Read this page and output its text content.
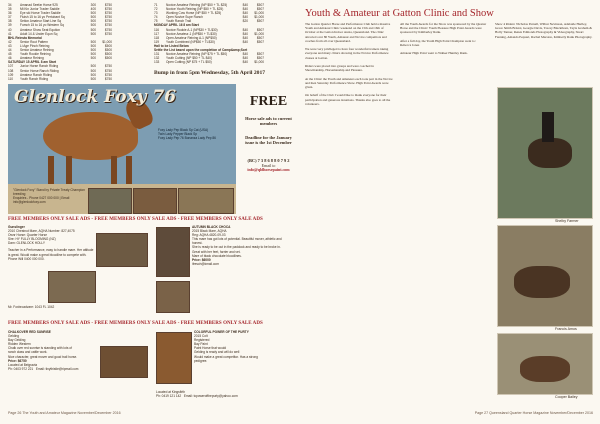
34	Amanad Seefar Horse 925	300	$750
35	Mt Kin Junior Trader Saddle	400	$750
36	Eye ski Horse Trader Saddle	500	$750
37	Fluish 15 to 16 yo Pertubant Sq	500	$750
38	Setion Amateur Start Line Sq	500	$750
39	Fumch 15 to 16 yo Western Sq	500	$750
40	Amateur Show Seat Eqution	500	$750
41	Adult 14 & Under Equn Sq	500	$750
BHL Reinsta Memorial
42	Senior Rout Pattern	500	$1,000
43	Li Age Pinch Reining	500	$500
44	Senior Amateur Reining	500	$500
45	Youth Rookie Reining	500	$500
46	Amateur Reining	500	$500
SATURDAY 15 APRIL 8 am Start
107	Junior Horse Ranch Riding	500	$750
108	Senior Horse Ranch Riding	500	$750
109	Amateur Ranch Riding	500	$750
110	Youth Ranch Riding	500	$750
71	Novice Amateur Reining (NP $50 + TL $25)	$40	$507
72	Novice Youth Reining (NP $50 + TL $25)	$40	$507
73	Working Cow Horse (NP $50 + TL $25)	$40	$1,000
74	Open Novice Supe Ranch	$40	$1,000
75	Youth Ranch Trail	$20	$507
MONDAY APRIL 16 8 am Start
116	Novice Rookie A-1 (NP$30 + TL$30)	$40	$507
117	Novice Amateur-1 (NP$50 + TL$30)	$40	$1,000
118	Open Amateur Reining A-1 (NP$50)	$40	$507
119	Youth Combined (NP$50 + TL$30)	$40	$507
Hall to be Listed Below
Settle the List based upon the completion of Camp&amp;Sort
131	Novice Amateur Reining (NP $75 + TL $50)	$40	$507
132	Youth Cutting (NP $50 + TL $40)	$40	$507
133	Open Cutting (NP $75 + TL $50)	$40	$1,000
Bump in from 5pm Wednesday, 5th April 2017
Glenlock Foxy 76
Foxy Lady Pep Black Sp Cat (USA)
Twin Lady Pepper Black Sp
Foxy Lady Pep 76 Bonanza Lady Pep 86
"Glenlock Foxy" Stand by Private Treaty Champion breeding
Enquiries - Phone 0427 000 000 | Email info@glenlockfoxy.com
FREE
Horse sale ads to current members
Deadline for the January issue is the 1st December
(BC) 7 3 8 6 8 8 0 7 9 2
Email to
info@qldhorsepaint.com
FREE MEMBERS ONLY SALE ADS - FREE MEMBERS ONLY SALE ADS - FREE MEMBERS ONLY SALE ADS
Gunslinger
2010 Chestnut Mare, AQHA Number: 827,4075
Ownr Horse: Quarter Horse
Sire: HY FULLY BLOOMING (NZ)
Dam: GLENLOCK HOLLY
Teacher in a Performance, easy to handle mare. Her attitude is great. Would make a great bloodline to compete with. Phone Will 0400 000 000.
Mr. Foxbroadvare: 1043 FL 1042
AUTUMN BLACK CHOCA
2015 Black Mare, AQHA
Reg: AQHA 4820-09-03
This mare has got lots of potential. Beautiful mover, athletic and honest.
She is ready to be out in the paddock and ready to be broke in.
Great with her feet, farrier and vet.
Mare of black chocolate bloodlines.
Price: $6000
ifresch@kmail.com
FREE MEMBERS ONLY SALE ADS - FREE MEMBERS ONLY SALE ADS - FREE MEMBERS ONLY SALE ADS
CHALKOVER RED SUNRISE
Gelding
Bay Gelding
Ridden Western
Chalk over red sunrise is standing with lots of
ranch class and cattle work.
Nice character, great mover and good trail horse.
Price: $6750
Located at Belgravia
Ph: 0403 972 221   Email: tinythistle@ripmail.com
COLORFUL POWER OF THE PURTY
2015 Colt
Registered
Bay Paint
Paint Horse that would
Gelding is ready and will do well
Would make a great competitor. Has a strong
pedigree.
Located at Kingsfirth
Ph: 0419 121 142   Email: tcpowerofthepurty@yahoo.com
Youth & Amateur at Gatton Clinic and Show
The Gatton Quarter Horse and Performance Club held a massive Youth and Amateur Clinic weekend on the 15th and 16th of October at the Gatton Indoor Arena, Queensland. The clinic attracted over 80 Youth, Amateur and Novice competitors and coaches from all over Queensland.

We were very privileged to have four wonderful trainers taking everyone and many clinics showing in the Novice Performance classes at Gatton.

Riders were placed into groups and were coached in Showmanship, Horsemanship and Pleasure.

At the Clinic the Youth and Amateurs each took part in the Novice and then Saturday Performance Show. High Point Awards were given.

On behalf of the Club I would like to thank everyone for their participation and generous donations. Thanks also goes to all the volunteers.
All the Youth Awards for the Show was sponsored by the Quarter Horse and the Clinic: Youth Pleasure High Point Awards were sponsored by Kimberley Rank.

After a full day, the Youth High Point Champion went to:
Rebecca Jones

Amateur High Point went to Walker Huntley Rank.
Show 4 Riders: Nicholas Parnell, Wilbur Nevinson, Adelaide Hartley, Grace Smith Bristol, Georgie Davis, Tracey Blackthorn, Tayla Graham & Holly Tanner, Renée Edmonds Photography & Videography, Stuart Fanning, Amanda Pequart, Rachel Marston, Kimberly Rank Photography.
Shelby Farmer
Francis Amos
Cooper Bailey
Page 26 The Youth and Amateur Magazine November/December 2016	Page 27 Queensland Quarter Horse Magazine November/December 2016
